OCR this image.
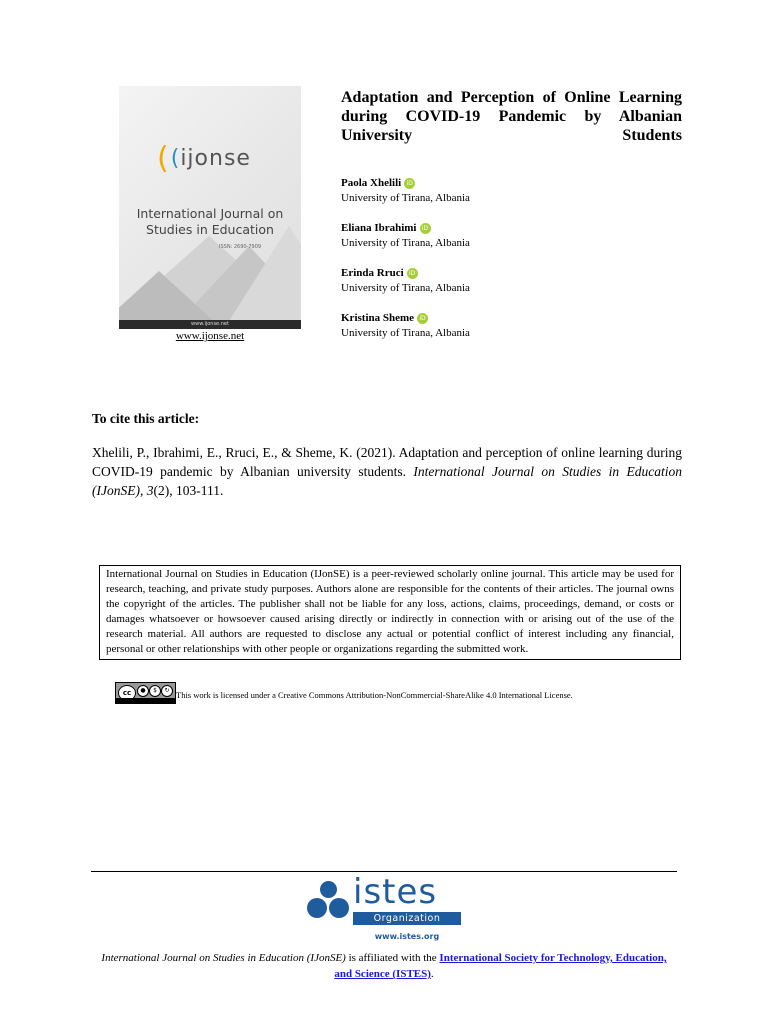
((ijonse
International Journal on Studies in Education
ISSN: 2690-7909
www.ijonse.net
www.ijonse.net
Adaptation and Perception of Online Learning during COVID-19 Pandemic by Albanian University Students
Paola Xhelili iD
University of Tirana, Albania
Eliana Ibrahimi iD
University of Tirana, Albania
Erinda Rruci iD
University of Tirana, Albania
Kristina Sheme iD
University of Tirana, Albania
To cite this article:
Xhelili, P., Ibrahimi, E., Rruci, E., & Sheme, K. (2021). Adaptation and perception of online learning during COVID-19 pandemic by Albanian university students. International Journal on Studies in Education (IJonSE), 3(2), 103-111.
International Journal on Studies in Education (IJonSE) is a peer-reviewed scholarly online journal. This article may be used for research, teaching, and private study purposes. Authors alone are responsible for the contents of their articles. The journal owns the copyright of the articles. The publisher shall not be liable for any loss, actions, claims, proceedings, demand, or costs or damages whatsoever or howsoever caused arising directly or indirectly in connection with or arising out of the use of the research material. All authors are requested to disclose any actual or potential conflict of interest including any financial, personal or other relationships with other people or organizations regarding the submitted work.
cc	●	$	↻ This work is licensed under a Creative Commons Attribution-NonCommercial-ShareAlike 4.0 International License.
istes
Organization
www.istes.org
International Journal on Studies in Education (IJonSE) is affiliated with the International Society for Technology, Education, and Science (ISTES).
